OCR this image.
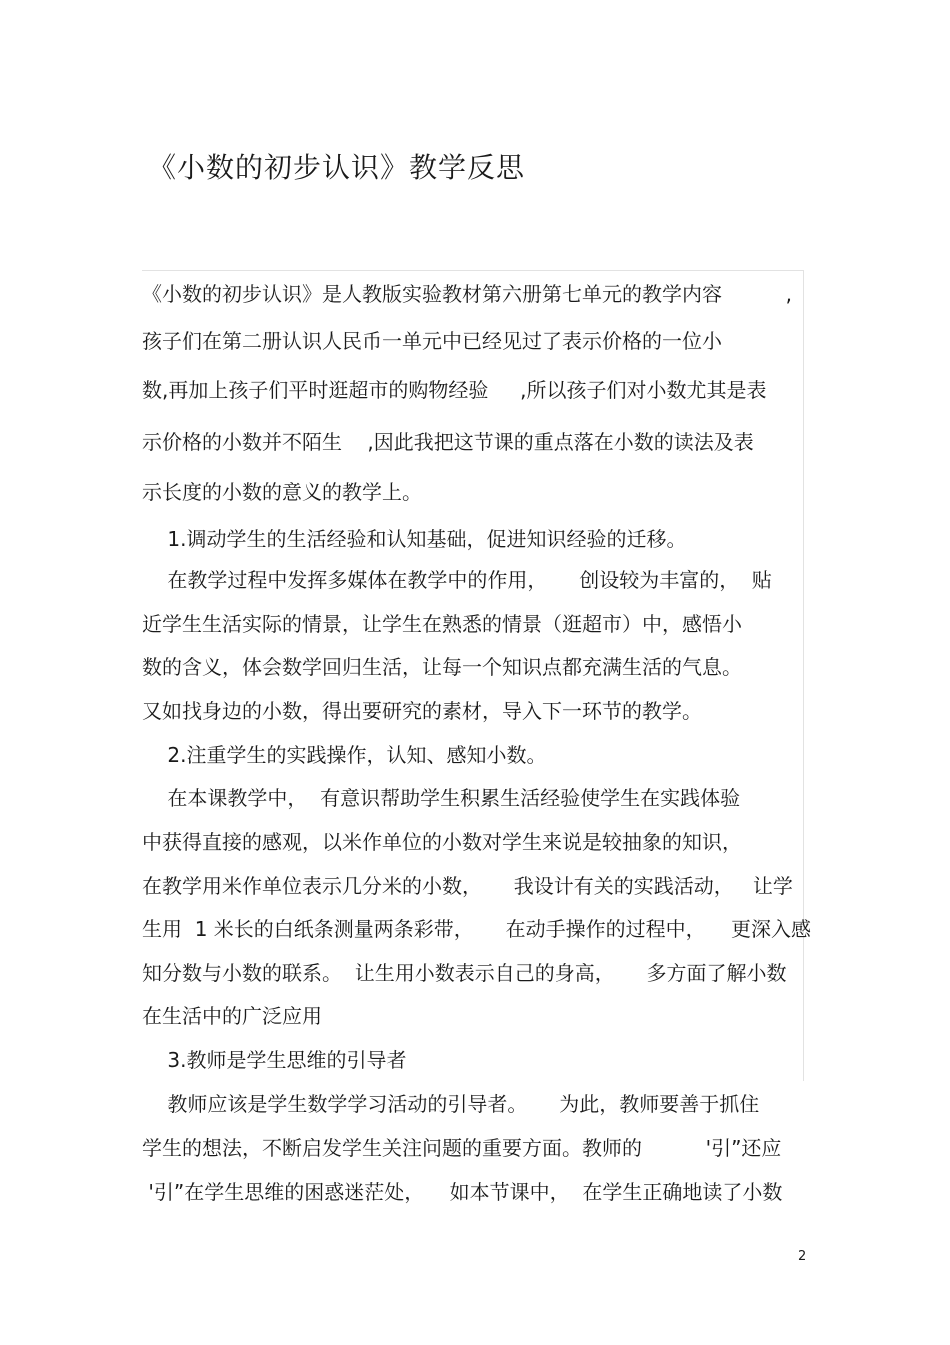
《小数的初步认识》教学反思
《小数的初步认识》是人教版实验教材第六册第七单元的教学内容          ,
孩子们在第二册认识人民币一单元中已经见过了表示价格的一位小
数,再加上孩子们平时逛超市的购物经验     ,所以孩子们对小数尤其是表
示价格的小数并不陌生    ,因此我把这节课的重点落在小数的读法及表
示长度的小数的意义的教学上。
1.调动学生的生活经验和认知基础，促进知识经验的迁移。
在教学过程中发挥多媒体在教学中的作用，     创设较为丰富的，  贴
近学生生活实际的情景，让学生在熟悉的情景（逛超市）中，感悟小
数的含义，体会数学回归生活，让每一个知识点都充满生活的气息。
又如找身边的小数，得出要研究的素材，导入下一环节的教学。
2.注重学生的实践操作，认知、感知小数。
在本课教学中，  有意识帮助学生积累生活经验使学生在实践体验
中获得直接的感观，以米作单位的小数对学生来说是较抽象的知识，
在教学用米作单位表示几分米的小数，     我设计有关的实践活动，   让学
生用  1 米长的白纸条测量两条彩带，     在动手操作的过程中，    更深入感
知分数与小数的联系。  让生用小数表示自己的身高，     多方面了解小数
在生活中的广泛应用
3.教师是学生思维的引导者
教师应该是学生数学学习活动的引导者。     为此，教师要善于抓住
学生的想法，不断启发学生关注问题的重要方面。教师的          '引”还应
'引”在学生思维的困惑迷茫处，    如本节课中，  在学生正确地读了小数
2
